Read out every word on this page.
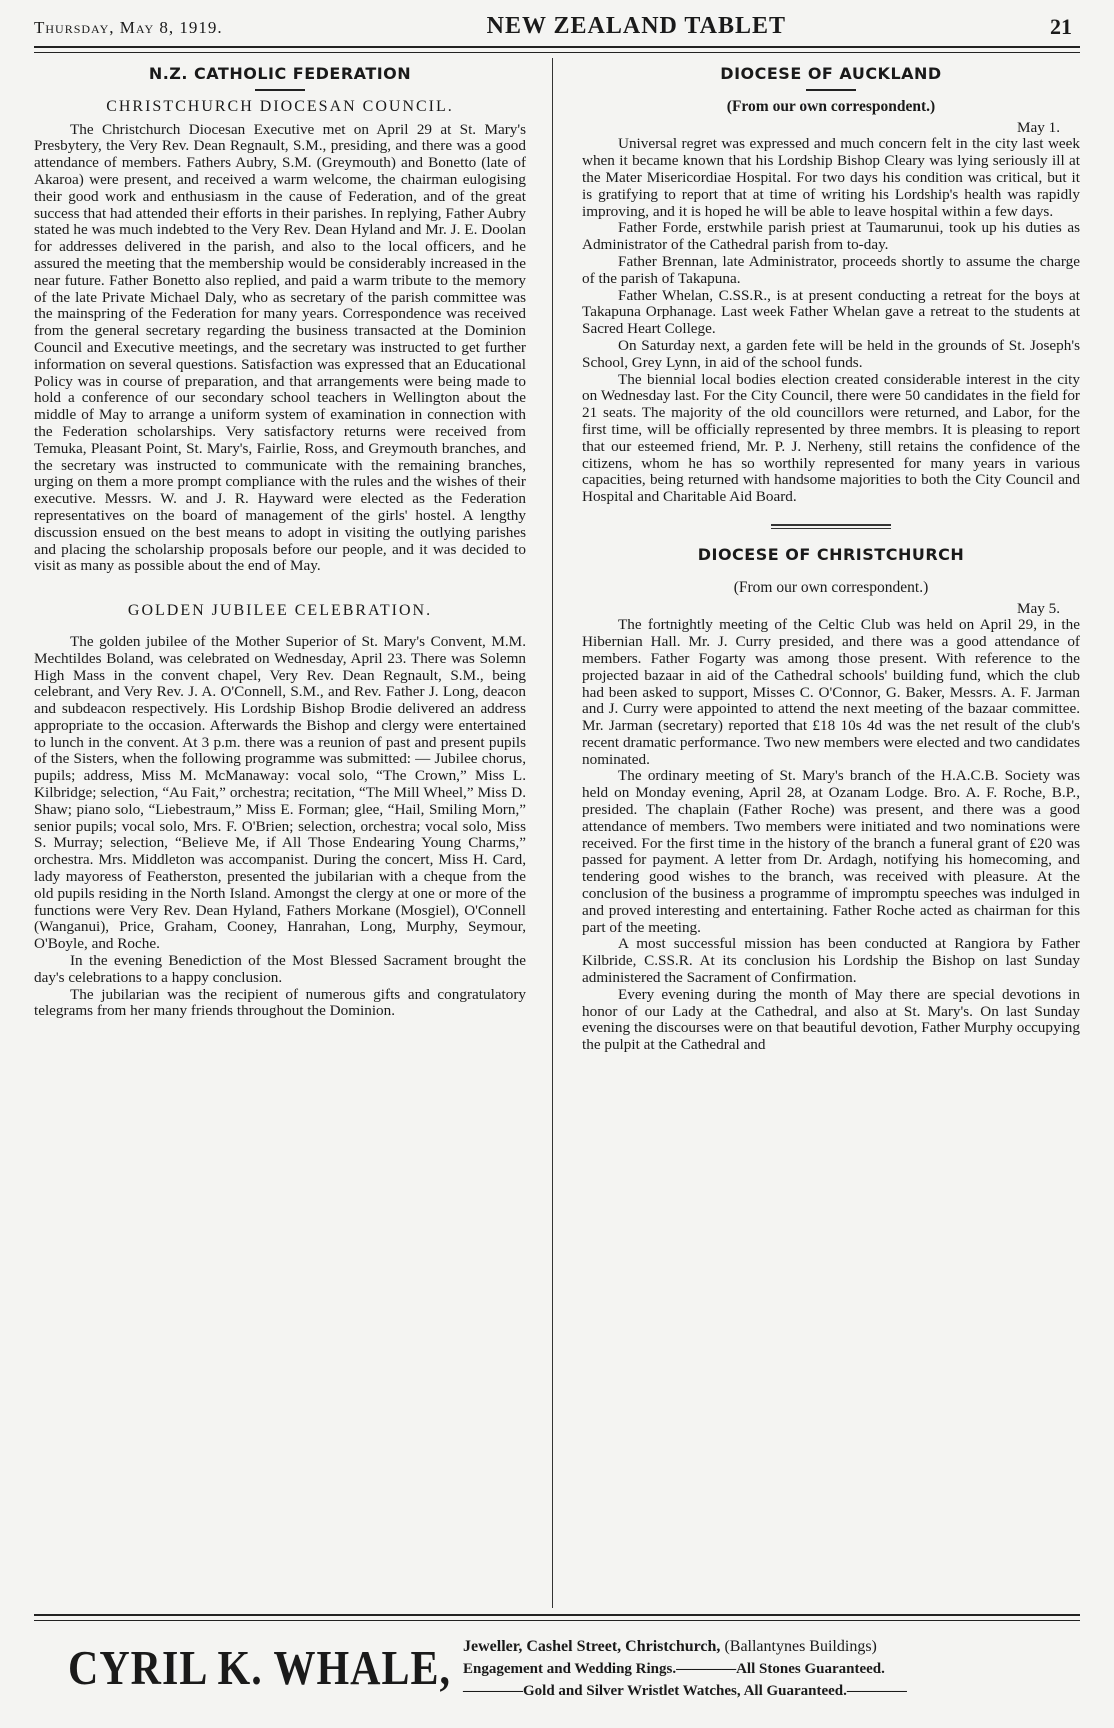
Thursday, May 8, 1919.	NEW ZEALAND TABLET	21
N.Z. CATHOLIC FEDERATION
CHRISTCHURCH DIOCESAN COUNCIL.

The Christchurch Diocesan Executive met on April 29 at St. Mary's Presbytery, the Very Rev. Dean Regnault, S.M., presiding, and there was a good attendance of members. Fathers Aubry, S.M. (Greymouth) and Bonetto (late of Akaroa) were present, and received a warm welcome, the chairman eulogising their good work and enthusiasm in the cause of Federation, and of the great success that had attended their efforts in their parishes. In replying, Father Aubry stated he was much indebted to the Very Rev. Dean Hyland and Mr. J. E. Doolan for addresses delivered in the parish, and also to the local officers, and he assured the meeting that the membership would be considerably increased in the near future. Father Bonetto also replied, and paid a warm tribute to the memory of the late Private Michael Daly, who as secretary of the parish committee was the mainspring of the Federation for many years. Correspondence was received from the general secretary regarding the business transacted at the Dominion Council and Executive meetings, and the secretary was instructed to get further information on several questions. Satisfaction was expressed that an Educational Policy was in course of preparation, and that arrangements were being made to hold a conference of our secondary school teachers in Wellington about the middle of May to arrange a uniform system of examination in connection with the Federation scholarships. Very satisfactory returns were received from Temuka, Pleasant Point, St. Mary's, Fairlie, Ross, and Greymouth branches, and the secretary was instructed to communicate with the remaining branches, urging on them a more prompt compliance with the rules and the wishes of their executive. Messrs. W. and J. R. Hayward were elected as the Federation representatives on the board of management of the girls' hostel. A lengthy discussion ensued on the best means to adopt in visiting the outlying parishes and placing the scholarship proposals before our people, and it was decided to visit as many as possible about the end of May.

GOLDEN JUBILEE CELEBRATION.

The golden jubilee of the Mother Superior of St. Mary's Convent, M.M. Mechtildes Boland, was celebrated on Wednesday, April 23. There was Solemn High Mass in the convent chapel, Very Rev. Dean Regnault, S.M., being celebrant, and Very Rev. J. A. O'Connell, S.M., and Rev. Father J. Long, deacon and subdeacon respectively. His Lordship Bishop Brodie delivered an address appropriate to the occasion. Afterwards the Bishop and clergy were entertained to lunch in the convent. At 3 p.m. there was a reunion of past and present pupils of the Sisters, when the following programme was submitted: — Jubilee chorus, pupils; address, Miss M. McManaway: vocal solo, “The Crown,” Miss L. Kilbridge; selection, “Au Fait,” orchestra; recitation, “The Mill Wheel,” Miss D. Shaw; piano solo, “Liebestraum,” Miss E. Forman; glee, “Hail, Smiling Morn,” senior pupils; vocal solo, Mrs. F. O'Brien; selection, orchestra; vocal solo, Miss S. Murray; selection, “Believe Me, if All Those Endearing Young Charms,” orchestra. Mrs. Middleton was accompanist. During the concert, Miss H. Card, lady mayoress of Featherston, presented the jubilarian with a cheque from the old pupils residing in the North Island. Amongst the clergy at one or more of the functions were Very Rev. Dean Hyland, Fathers Morkane (Mosgiel), O'Connell (Wanganui), Price, Graham, Cooney, Hanrahan, Long, Murphy, Seymour, O'Boyle, and Roche.

In the evening Benediction of the Most Blessed Sacrament brought the day's celebrations to a happy conclusion.

The jubilarian was the recipient of numerous gifts and congratulatory telegrams from her many friends throughout the Dominion.

DIOCESE OF AUCKLAND
(From our own correspondent.)
May 1.

Universal regret was expressed and much concern felt in the city last week when it became known that his Lordship Bishop Cleary was lying seriously ill at the Mater Misericordiae Hospital. For two days his condition was critical, but it is gratifying to report that at time of writing his Lordship's health was rapidly improving, and it is hoped he will be able to leave hospital within a few days.

Father Forde, erstwhile parish priest at Taumarunui, took up his duties as Administrator of the Cathedral parish from to-day.

Father Brennan, late Administrator, proceeds shortly to assume the charge of the parish of Takapuna.

Father Whelan, C.SS.R., is at present conducting a retreat for the boys at Takapuna Orphanage. Last week Father Whelan gave a retreat to the students at Sacred Heart College.

On Saturday next, a garden fete will be held in the grounds of St. Joseph's School, Grey Lynn, in aid of the school funds.

The biennial local bodies election created considerable interest in the city on Wednesday last. For the City Council, there were 50 candidates in the field for 21 seats. The majority of the old councillors were returned, and Labor, for the first time, will be officially represented by three membrs. It is pleasing to report that our esteemed friend, Mr. P. J. Nerheny, still retains the confidence of the citizens, whom he has so worthily represented for many years in various capacities, being returned with handsome majorities to both the City Council and Hospital and Charitable Aid Board.

DIOCESE OF CHRISTCHURCH
(From our own correspondent.)
May 5.

The fortnightly meeting of the Celtic Club was held on April 29, in the Hibernian Hall. Mr. J. Curry presided, and there was a good attendance of members. Father Fogarty was among those present. With reference to the projected bazaar in aid of the Cathedral schools' building fund, which the club had been asked to support, Misses C. O'Connor, G. Baker, Messrs. A. F. Jarman and J. Curry were appointed to attend the next meeting of the bazaar committee. Mr. Jarman (secretary) reported that £18 10s 4d was the net result of the club's recent dramatic performance. Two new members were elected and two candidates nominated.

The ordinary meeting of St. Mary's branch of the H.A.C.B. Society was held on Monday evening, April 28, at Ozanam Lodge. Bro. A. F. Roche, B.P., presided. The chaplain (Father Roche) was present, and there was a good attendance of members. Two members were initiated and two nominations were received. For the first time in the history of the branch a funeral grant of £20 was passed for payment. A letter from Dr. Ardagh, notifying his homecoming, and tendering good wishes to the branch, was received with pleasure. At the conclusion of the business a programme of impromptu speeches was indulged in and proved interesting and entertaining. Father Roche acted as chairman for this part of the meeting.

A most successful mission has been conducted at Rangiora by Father Kilbride, C.SS.R. At its conclusion his Lordship the Bishop on last Sunday administered the Sacrament of Confirmation.

Every evening during the month of May there are special devotions in honor of our Lady at the Cathedral, and also at St. Mary's. On last Sunday evening the discourses were on that beautiful devotion, Father Murphy occupying the pulpit at the Cathedral and

CYRIL K. WHALE, Jeweller, Cashel Street, Christchurch, (Ballantynes Buildings)
Engagement and Wedding Rings.————All Stones Guaranteed.
————Gold and Silver Wristlet Watches, All Guaranteed.————
